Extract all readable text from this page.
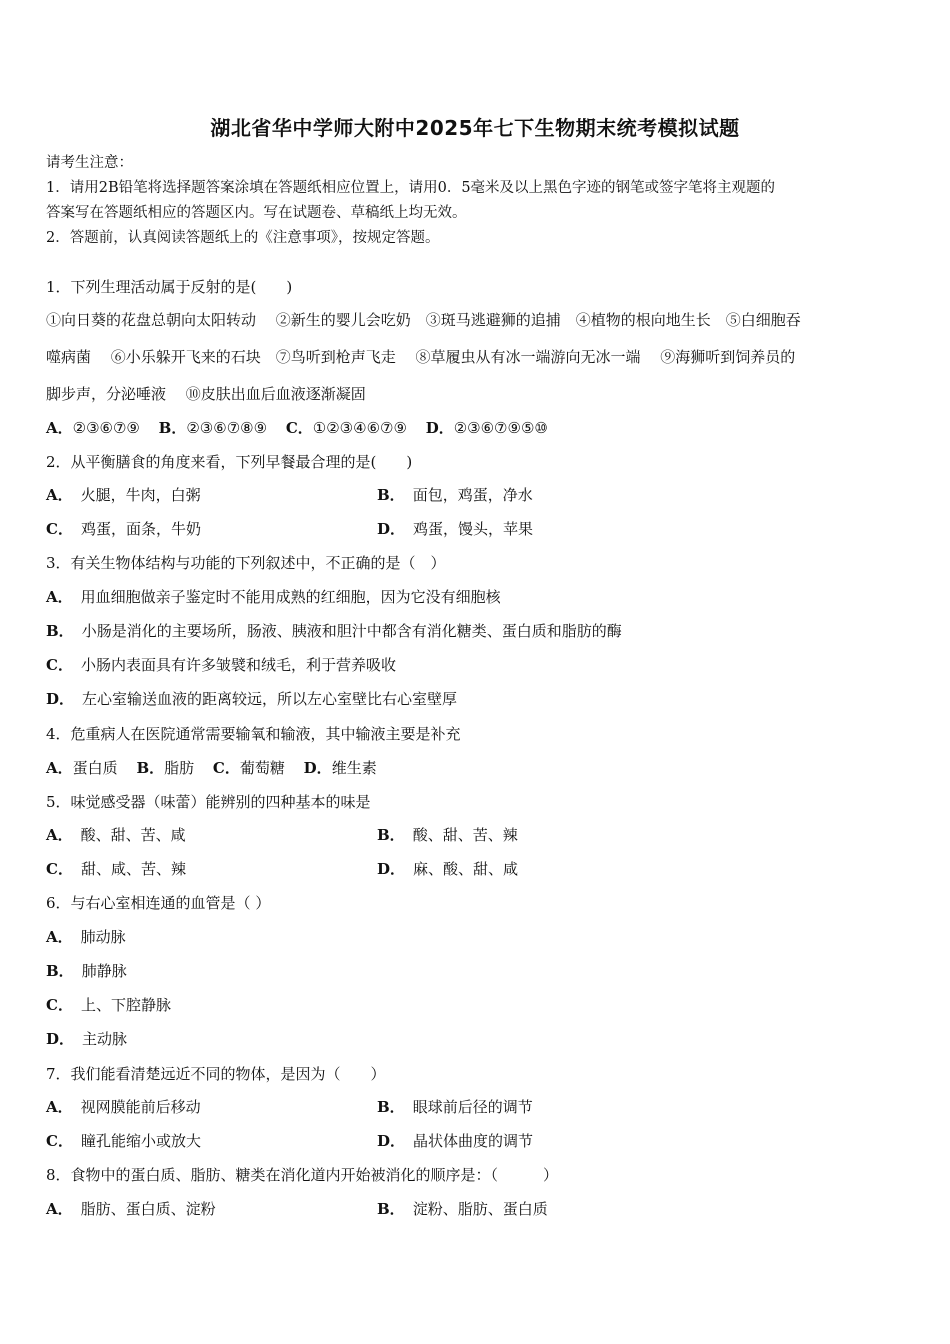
湖北省华中学师大附中2025年七下生物期末统考模拟试题
请考生注意：
1．请用2B铅笔将选择题答案涂填在答题纸相应位置上，请用0．5毫米及以上黑色字迹的钢笔或签字笔将主观题的
答案写在答题纸相应的答题区内。写在试题卷、草稿纸上均无效。
2．答题前，认真阅读答题纸上的《注意事项》，按规定答题。
1．下列生理活动属于反射的是(　　)
①向日葵的花盘总朝向太阳转动　 ②新生的婴儿会吃奶　③斑马逃避狮的追捕　④植物的根向地生长　⑤白细胞吞
噬病菌　 ⑥小乐躲开飞来的石块　⑦鸟听到枪声飞走　 ⑧草履虫从有冰一端游向无冰一端　 ⑨海狮听到饲养员的
脚步声，分泌唾液　 ⑩皮肤出血后血液逐渐凝固
A．②③⑥⑦⑨ B．②③⑥⑦⑧⑨ C．①②③④⑥⑦⑨ D．②③⑥⑦⑨⑤⑩
2．从平衡膳食的角度来看，下列早餐最合理的是(　　)
A． 火腿，牛肉，白粥	B． 面包，鸡蛋，净水
C． 鸡蛋，面条，牛奶	D． 鸡蛋，馒头，苹果
3．有关生物体结构与功能的下列叙述中，不正确的是（　）
A． 用血细胞做亲子鉴定时不能用成熟的红细胞，因为它没有细胞核
B． 小肠是消化的主要场所，肠液、胰液和胆汁中都含有消化糖类、蛋白质和脂肪的酶
C． 小肠内表面具有许多皱襞和绒毛，利于营养吸收
D． 左心室输送血液的距离较远，所以左心室壁比右心室壁厚
4．危重病人在医院通常需要输氧和输液，其中输液主要是补充
A．蛋白质 B．脂肪 C．葡萄糖 D．维生素
5．味觉感受器（味蕾）能辨别的四种基本的味是
A． 酸、甜、苦、咸	B． 酸、甜、苦、辣
C． 甜、咸、苦、辣	D． 麻、酸、甜、咸
6．与右心室相连通的血管是（ ）
A． 肺动脉
B． 肺静脉
C． 上、下腔静脉
D． 主动脉
7．我们能看清楚远近不同的物体，是因为（　　）
A． 视网膜能前后移动	B． 眼球前后径的调节
C． 瞳孔能缩小或放大	D． 晶状体曲度的调节
8．食物中的蛋白质、脂肪、糖类在消化道内开始被消化的顺序是：（　　　）
A． 脂肪、蛋白质、淀粉	B． 淀粉、脂肪、蛋白质
